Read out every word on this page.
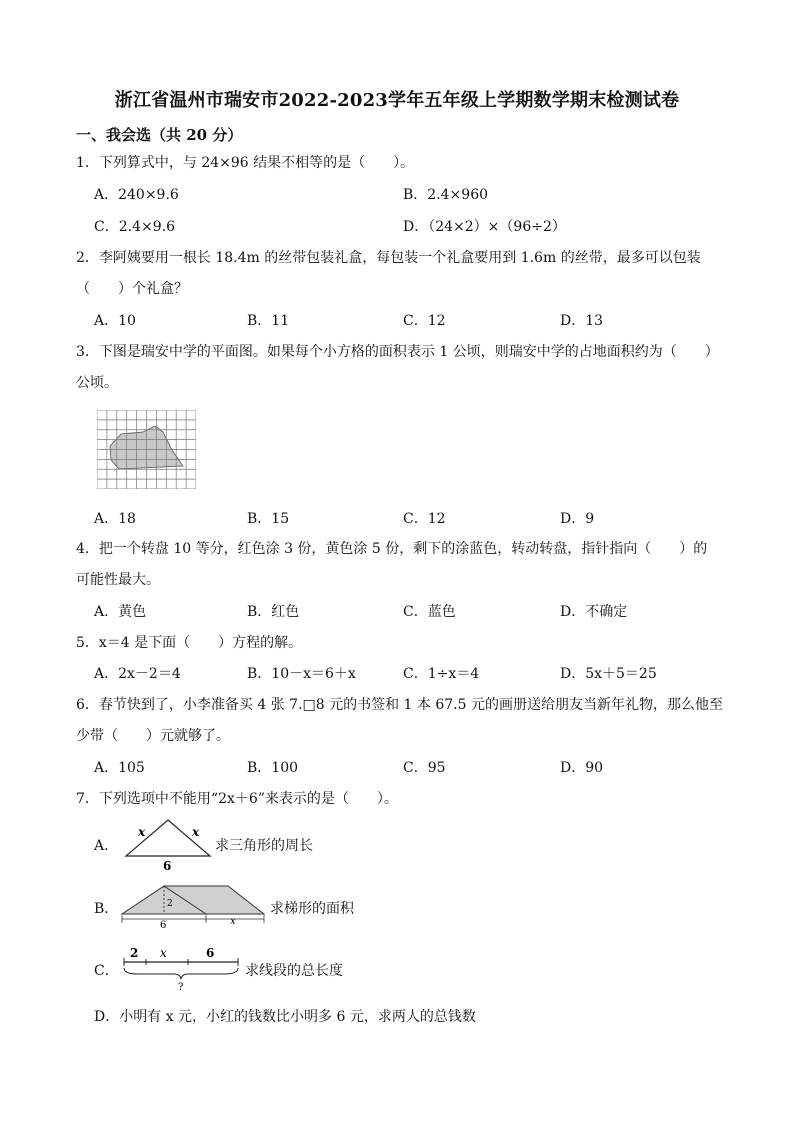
浙江省温州市瑞安市2022-2023学年五年级上学期数学期末检测试卷
一、我会选（共 20 分）
1．下列算式中，与 24×96 结果不相等的是（　　）。
A．240×9.6	B．2.4×960
C．2.4×9.6	D．（24×2）×（96÷2）
2．李阿姨要用一根长 18.4m 的丝带包装礼盒，每包装一个礼盒要用到 1.6m 的丝带，最多可以包装
（　　）个礼盒？
A．10	B．11	C．12	D．13
3．下图是瑞安中学的平面图。如果每个小方格的面积表示 1 公顷，则瑞安中学的占地面积约为（　　）
公顷。
A．18	B．15	C．12	D．9
4．把一个转盘 10 等分，红色涂 3 份，黄色涂 5 份，剩下的涂蓝色，转动转盘，指针指向（　　）的
可能性最大。
A．黄色	B．红色	C．蓝色	D．不确定
5．x＝4 是下面（　　）方程的解。
A．2x－2＝4	B．10－x＝6＋x	C．1÷x＝4	D．5x＋5＝25
6．春节快到了，小李准备买 4 张 7.□8 元的书签和 1 本 67.5 元的画册送给朋友当新年礼物，那么他至
少带（　　）元就够了。
A．105	B．100	C．95	D．90
7．下列选项中不能用“2x＋6”来表示的是（　　）。
A．
x	x
6
求三角形的周长
B．	2
6	x
求梯形的面积
C．
2 x	6
?
求线段的总长度
D．小明有 x 元，小红的钱数比小明多 6 元，求两人的总钱数
